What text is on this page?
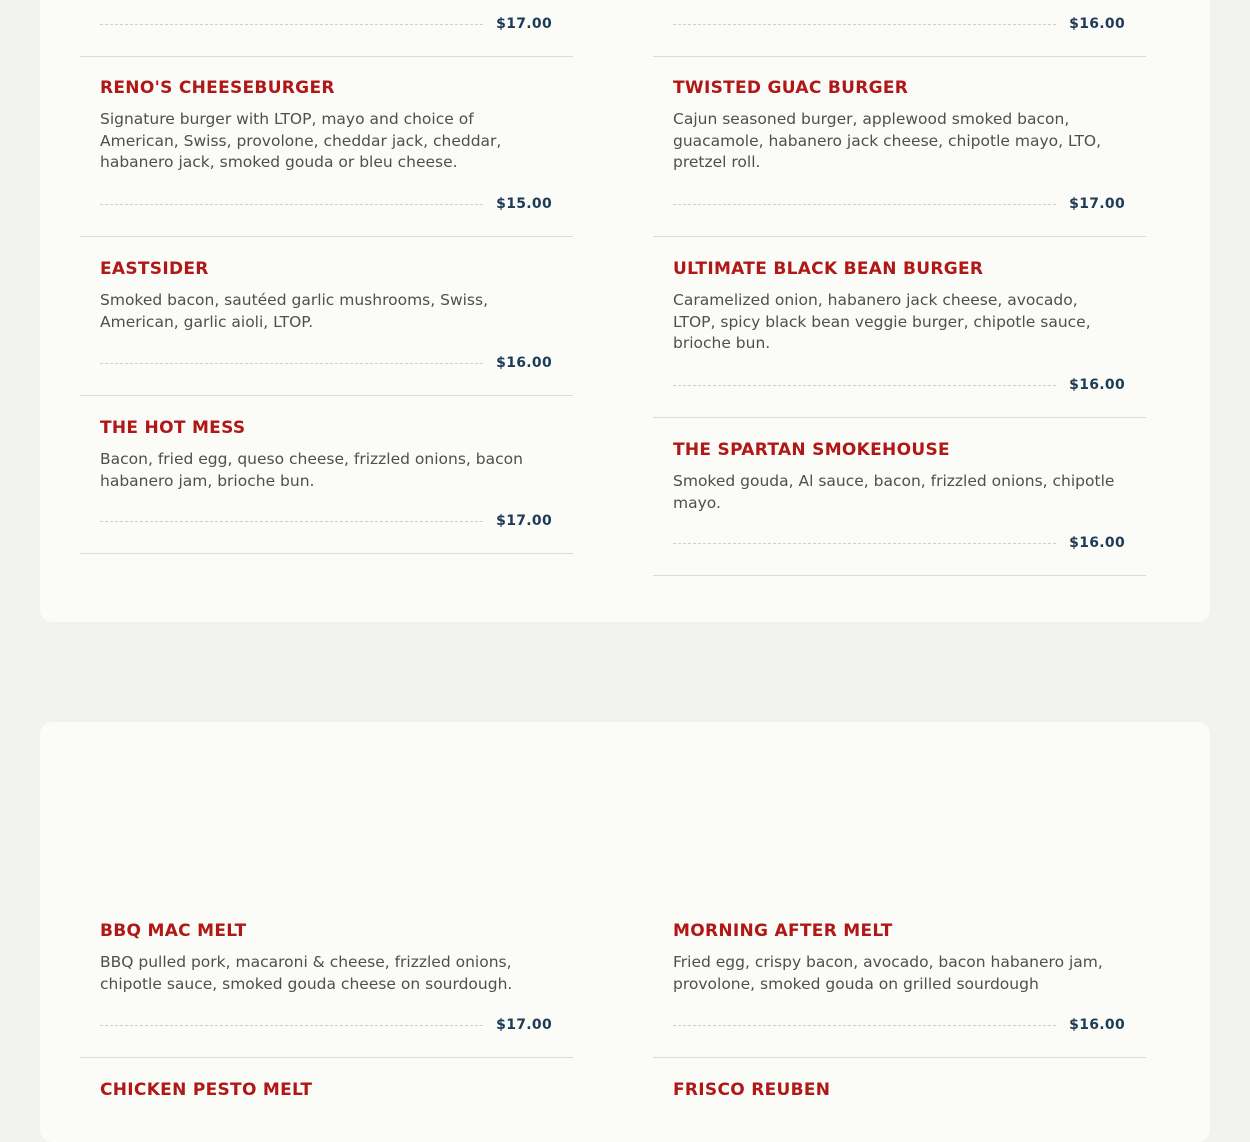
$17.00	$16.00
RENO'S CHEESEBURGER
Signature burger with LTOP, mayo and choice of American, Swiss, provolone, cheddar jack, cheddar, habanero jack, smoked gouda or bleu cheese.
$15.00
EASTSIDER
Smoked bacon, sautéed garlic mushrooms, Swiss, American, garlic aioli, LTOP.
$16.00
THE HOT MESS
Bacon, fried egg, queso cheese, frizzled onions, bacon habanero jam, brioche bun.
$17.00
TWISTED GUAC BURGER
Cajun seasoned burger, applewood smoked bacon, guacamole, habanero jack cheese, chipotle mayo, LTO, pretzel roll.
$17.00
ULTIMATE BLACK BEAN BURGER
Caramelized onion, habanero jack cheese, avocado, LTOP, spicy black bean veggie burger, chipotle sauce, brioche bun.
$16.00
THE SPARTAN SMOKEHOUSE
Smoked gouda, Al sauce, bacon, frizzled onions, chipotle mayo.
$16.00
BBQ MAC MELT
BBQ pulled pork, macaroni & cheese, frizzled onions, chipotle sauce, smoked gouda cheese on sourdough.
$17.00
CHICKEN PESTO MELT
MORNING AFTER MELT
Fried egg, crispy bacon, avocado, bacon habanero jam, provolone, smoked gouda on grilled sourdough
$16.00
FRISCO REUBEN
